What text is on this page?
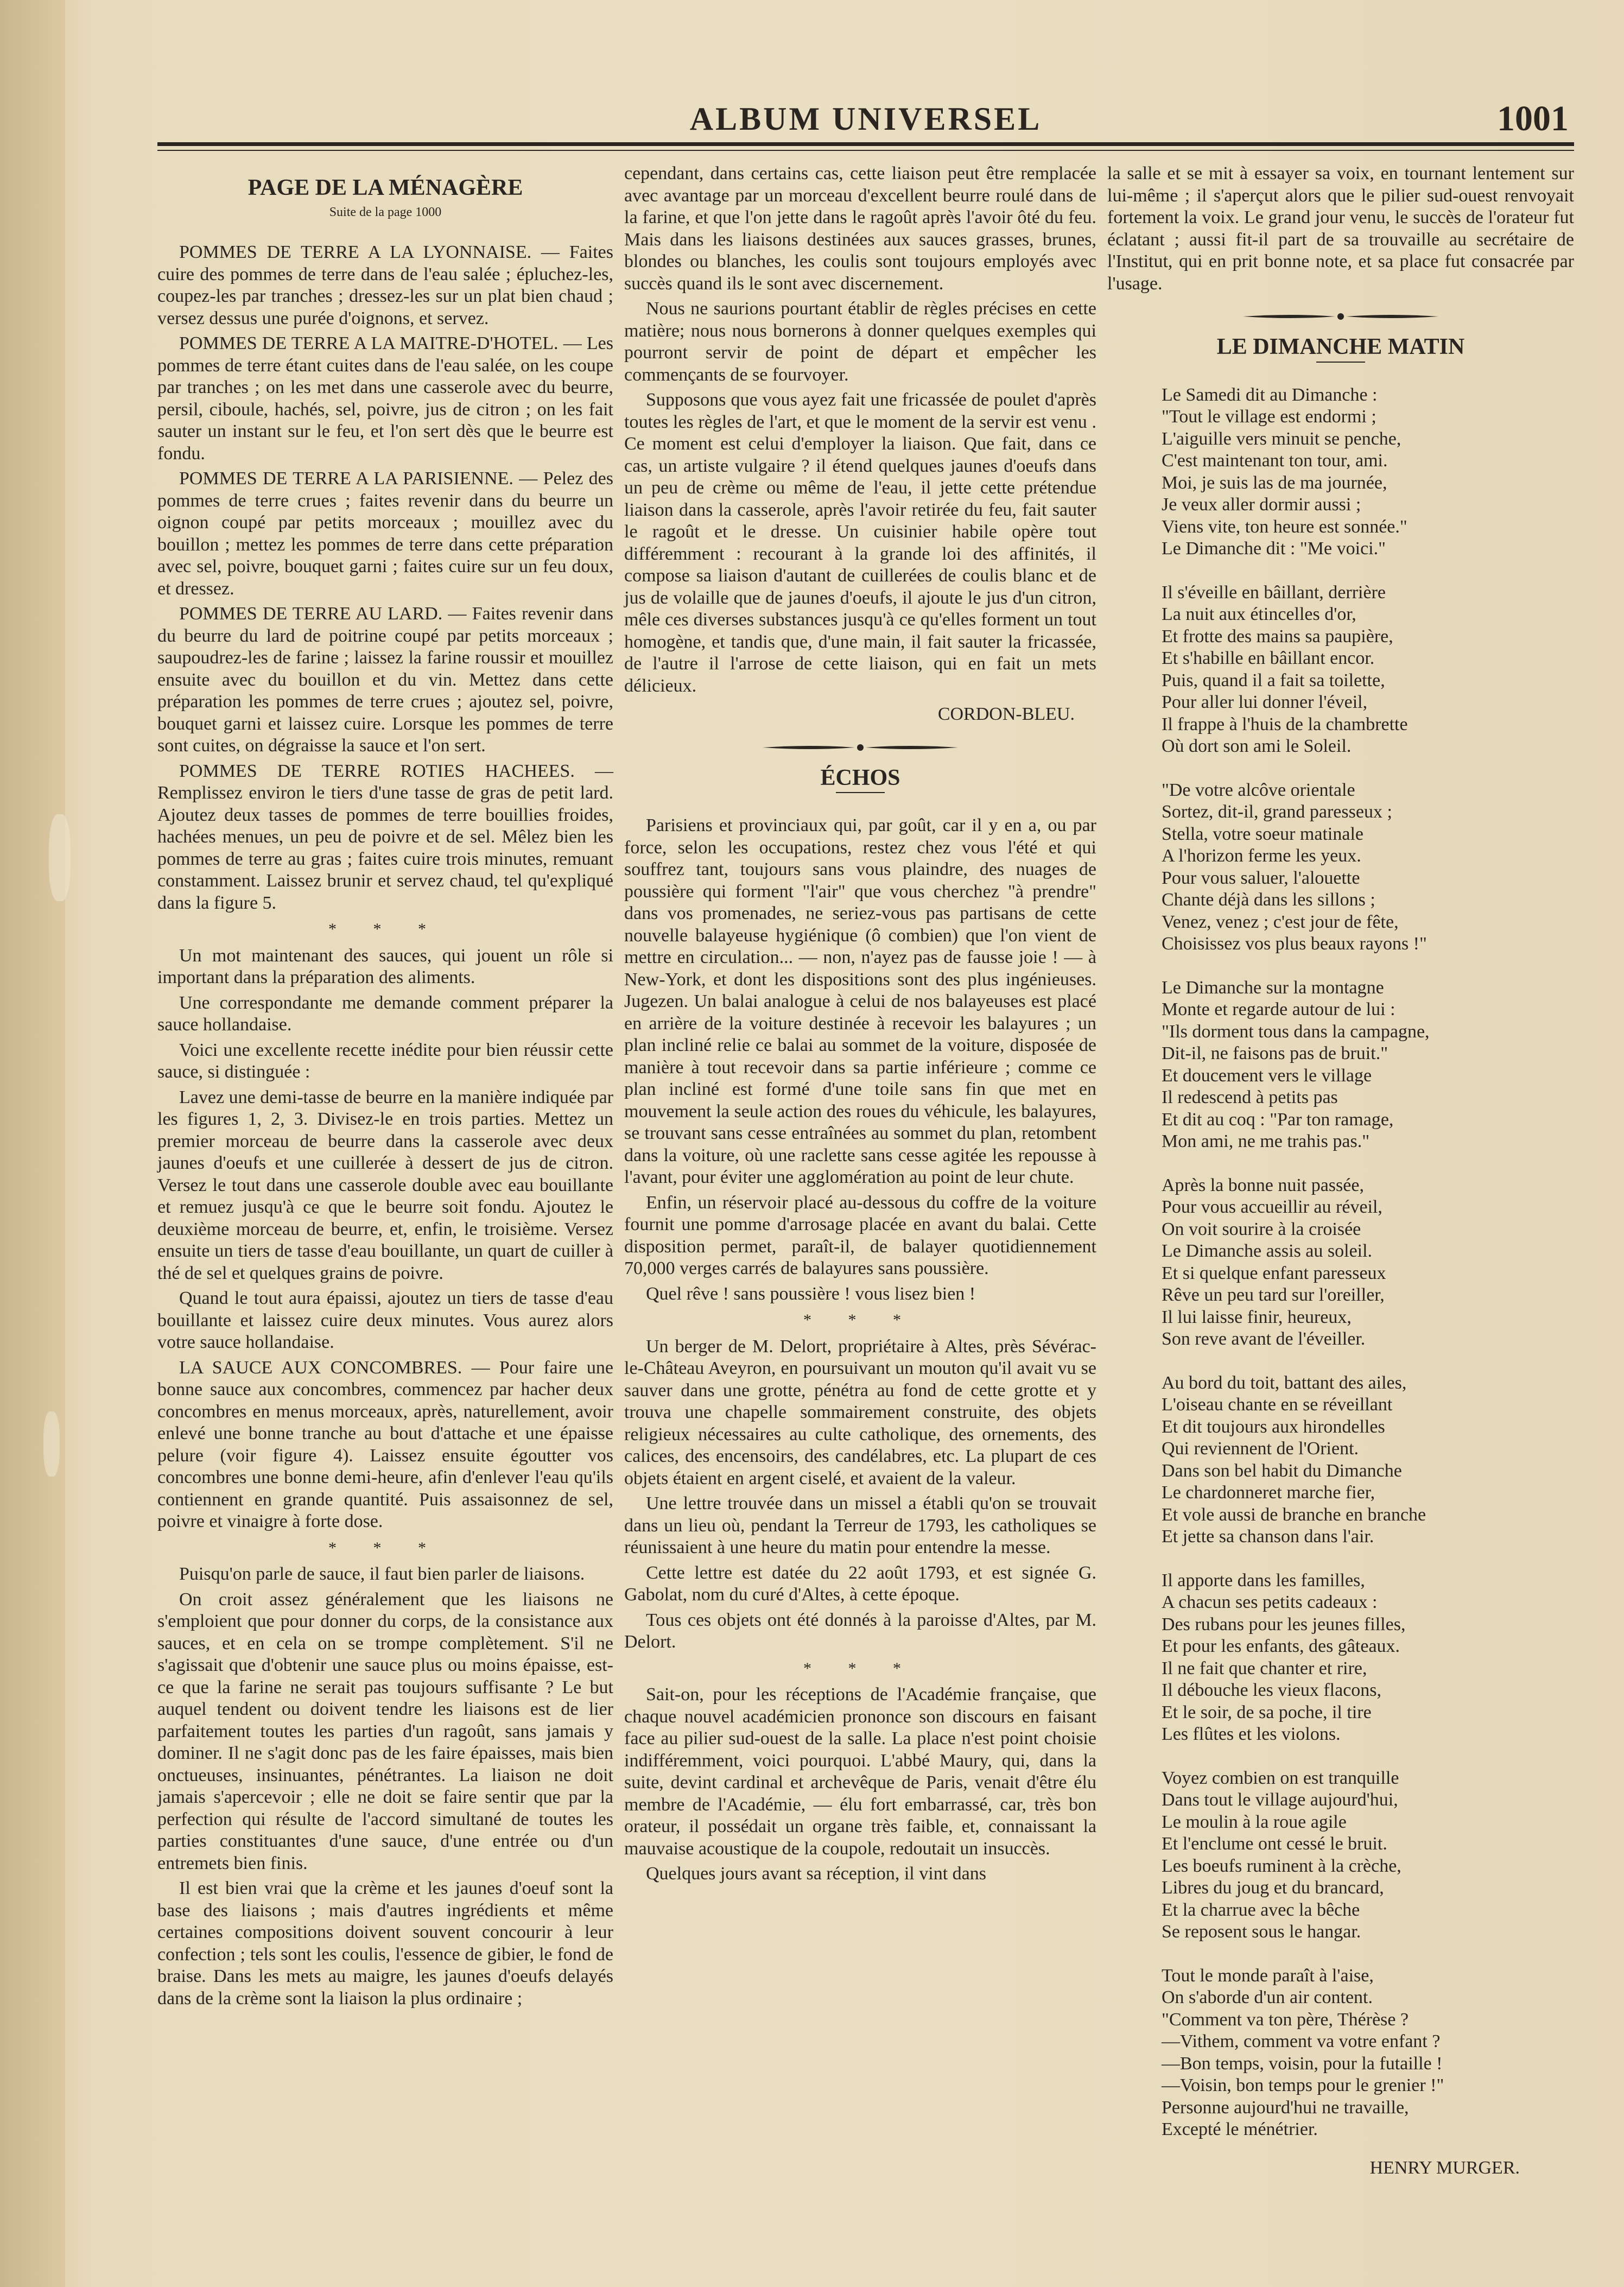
ALBUM UNIVERSEL	1001
PAGE DE LA MÉNAGÈRE
Suite de la page 1000

POMMES DE TERRE A LA LYONNAISE. — Faites cuire des pommes de terre dans de l'eau salée ; épluchez-les, coupez-les par tranches ; dressez-les sur un plat bien chaud ; versez dessus une purée d'oignons, et servez.

POMMES DE TERRE A LA MAITRE-D'HOTEL. — Les pommes de terre étant cuites dans de l'eau salée, on les coupe par tranches ; on les met dans une casserole avec du beurre, persil, ciboule, hachés, sel, poivre, jus de citron ; on les fait sauter un instant sur le feu, et l'on sert dès que le beurre est fondu.

POMMES DE TERRE A LA PARISIENNE. — Pelez des pommes de terre crues ; faites revenir dans du beurre un oignon coupé par petits morceaux ; mouillez avec du bouillon ; mettez les pommes de terre dans cette préparation avec sel, poivre, bouquet garni ; faites cuire sur un feu doux, et dressez.

POMMES DE TERRE AU LARD. — Faites revenir dans du beurre du lard de poitrine coupé par petits morceaux ; saupoudrez-les de farine ; laissez la farine roussir et mouillez ensuite avec du bouillon et du vin. Mettez dans cette préparation les pommes de terre crues ; ajoutez sel, poivre, bouquet garni et laissez cuire. Lorsque les pommes de terre sont cuites, on dégraisse la sauce et l'on sert.

POMMES DE TERRE ROTIES HACHEES. — Remplissez environ le tiers d'une tasse de gras de petit lard. Ajoutez deux tasses de pommes de terre bouillies froides, hachées menues, un peu de poivre et de sel. Mêlez bien les pommes de terre au gras ; faites cuire trois minutes, remuant constamment. Laissez brunir et servez chaud, tel qu'expliqué dans la figure 5.

* * *

Un mot maintenant des sauces, qui jouent un rôle si important dans la préparation des aliments.

Une correspondante me demande comment préparer la sauce hollandaise.

Voici une excellente recette inédite pour bien réussir cette sauce, si distinguée :

Lavez une demi-tasse de beurre en la manière indiquée par les figures 1, 2, 3. Divisez-le en trois parties. Mettez un premier morceau de beurre dans la casserole avec deux jaunes d'oeufs et une cuillerée à dessert de jus de citron. Versez le tout dans une casserole double avec eau bouillante et remuez jusqu'à ce que le beurre soit fondu. Ajoutez le deuxième morceau de beurre, et, enfin, le troisième. Versez ensuite un tiers de tasse d'eau bouillante, un quart de cuiller à thé de sel et quelques grains de poivre.

Quand le tout aura épaissi, ajoutez un tiers de tasse d'eau bouillante et laissez cuire deux minutes. Vous aurez alors votre sauce hollandaise.

LA SAUCE AUX CONCOMBRES. — Pour faire une bonne sauce aux concombres, commencez par hacher deux concombres en menus morceaux, après, naturellement, avoir enlevé une bonne tranche au bout d'attache et une épaisse pelure (voir figure 4). Laissez ensuite égoutter vos concombres une bonne demi-heure, afin d'enlever l'eau qu'ils contiennent en grande quantité. Puis assaisonnez de sel, poivre et vinaigre à forte dose.

* * *

Puisqu'on parle de sauce, il faut bien parler de liaisons.

On croit assez généralement que les liaisons ne s'emploient que pour donner du corps, de la consistance aux sauces, et en cela on se trompe complètement. S'il ne s'agissait que d'obtenir une sauce plus ou moins épaisse, est-ce que la farine ne serait pas toujours suffisante ? Le but auquel tendent ou doivent tendre les liaisons est de lier parfaitement toutes les parties d'un ragoût, sans jamais y dominer. Il ne s'agit donc pas de les faire épaisses, mais bien onctueuses, insinuantes, pénétrantes. La liaison ne doit jamais s'apercevoir ; elle ne doit se faire sentir que par la perfection qui résulte de l'accord simultané de toutes les parties constituantes d'une sauce, d'une entrée ou d'un entremets bien finis.

Il est bien vrai que la crème et les jaunes d'oeuf sont la base des liaisons ; mais d'autres ingrédients et même certaines compositions doivent souvent concourir à leur confection ; tels sont les coulis, l'essence de gibier, le fond de braise. Dans les mets au maigre, les jaunes d'oeufs delayés dans de la crème sont la liaison la plus ordinaire ;

cependant, dans certains cas, cette liaison peut être remplacée avec avantage par un morceau d'excellent beurre roulé dans de la farine, et que l'on jette dans le ragoût après l'avoir ôté du feu. Mais dans les liaisons destinées aux sauces grasses, brunes, blondes ou blanches, les coulis sont toujours employés avec succès quand ils le sont avec discernement.

Nous ne saurions pourtant établir de règles précises en cette matière; nous nous bornerons à donner quelques exemples qui pourront servir de point de départ et empêcher les commençants de se fourvoyer.

Supposons que vous ayez fait une fricassée de poulet d'après toutes les règles de l'art, et que le moment de la servir est venu . Ce moment est celui d'employer la liaison. Que fait, dans ce cas, un artiste vulgaire ? il étend quelques jaunes d'oeufs dans un peu de crème ou même de l'eau, il jette cette prétendue liaison dans la casserole, après l'avoir retirée du feu, fait sauter le ragoût et le dresse. Un cuisinier habile opère tout différemment : recourant à la grande loi des affinités, il compose sa liaison d'autant de cuillerées de coulis blanc et de jus de volaille que de jaunes d'oeufs, il ajoute le jus d'un citron, mêle ces diverses substances jusqu'à ce qu'elles forment un tout homogène, et tandis que, d'une main, il fait sauter la fricassée, de l'autre il l'arrose de cette liaison, qui en fait un mets délicieux.

CORDON-BLEU.
ÉCHOS

Parisiens et provinciaux qui, par goût, car il y en a, ou par force, selon les occupations, restez chez vous l'été et qui souffrez tant, toujours sans vous plaindre, des nuages de poussière qui forment "l'air" que vous cherchez "à prendre" dans vos promenades, ne seriez-vous pas partisans de cette nouvelle balayeuse hygiénique (ô combien) que l'on vient de mettre en circulation... — non, n'ayez pas de fausse joie ! — à New-York, et dont les dispositions sont des plus ingénieuses. Jugezen. Un balai analogue à celui de nos balayeuses est placé en arrière de la voiture destinée à recevoir les balayures ; un plan incliné relie ce balai au sommet de la voiture, disposée de manière à tout recevoir dans sa partie inférieure ; comme ce plan incliné est formé d'une toile sans fin que met en mouvement la seule action des roues du véhicule, les balayures, se trouvant sans cesse entraînées au sommet du plan, retombent dans la voiture, où une raclette sans cesse agitée les repousse à l'avant, pour éviter une agglomération au point de leur chute.

Enfin, un réservoir placé au-dessous du coffre de la voiture fournit une pomme d'arrosage placée en avant du balai. Cette disposition permet, paraît-il, de balayer quotidiennement 70,000 verges carrés de balayures sans poussière.

Quel rêve ! sans poussière ! vous lisez bien !

* * *

Un berger de M. Delort, propriétaire à Altes, près Sévérac-le-Château Aveyron, en poursuivant un mouton qu'il avait vu se sauver dans une grotte, pénétra au fond de cette grotte et y trouva une chapelle sommairement construite, des objets religieux nécessaires au culte catholique, des ornements, des calices, des encensoirs, des candélabres, etc. La plupart de ces objets étaient en argent ciselé, et avaient de la valeur.

Une lettre trouvée dans un missel a établi qu'on se trouvait dans un lieu où, pendant la Terreur de 1793, les catholiques se réunissaient à une heure du matin pour entendre la messe.

Cette lettre est datée du 22 août 1793, et est signée G. Gabolat, nom du curé d'Altes, à cette époque.

Tous ces objets ont été donnés à la paroisse d'Altes, par M. Delort.

* * *

Sait-on, pour les réceptions de l'Académie française, que chaque nouvel académicien prononce son discours en faisant face au pilier sud-ouest de la salle. La place n'est point choisie indifféremment, voici pourquoi. L'abbé Maury, qui, dans la suite, devint cardinal et archevêque de Paris, venait d'être élu membre de l'Académie, — élu fort embarrassé, car, très bon orateur, il possédait un organe très faible, et, connaissant la mauvaise acoustique de la coupole, redoutait un insuccès.

Quelques jours avant sa réception, il vint dans

la salle et se mit à essayer sa voix, en tournant lentement sur lui-même ; il s'aperçut alors que le pilier sud-ouest renvoyait fortement la voix. Le grand jour venu, le succès de l'orateur fut éclatant ; aussi fit-il part de sa trouvaille au secrétaire de l'Institut, qui en prit bonne note, et sa place fut consacrée par l'usage.

LE DIMANCHE MATIN
Le Samedi dit au Dimanche :
"Tout le village est endormi ;
L'aiguille vers minuit se penche,
C'est maintenant ton tour, ami.
Moi, je suis las de ma journée,
Je veux aller dormir aussi ;
Viens vite, ton heure est sonnée."
Le Dimanche dit : "Me voici."
Il s'éveille en bâillant, derrière
La nuit aux étincelles d'or,
Et frotte des mains sa paupière,
Et s'habille en bâillant encor.
Puis, quand il a fait sa toilette,
Pour aller lui donner l'éveil,
Il frappe à l'huis de la chambrette
Où dort son ami le Soleil.
"De votre alcôve orientale
Sortez, dit-il, grand paresseux ;
Stella, votre soeur matinale
A l'horizon ferme les yeux.
Pour vous saluer, l'alouette
Chante déjà dans les sillons ;
Venez, venez ; c'est jour de fête,
Choisissez vos plus beaux rayons !"
Le Dimanche sur la montagne
Monte et regarde autour de lui :
"Ils dorment tous dans la campagne,
Dit-il, ne faisons pas de bruit."
Et doucement vers le village
Il redescend à petits pas
Et dit au coq : "Par ton ramage,
Mon ami, ne me trahis pas."
Après la bonne nuit passée,
Pour vous accueillir au réveil,
On voit sourire à la croisée
Le Dimanche assis au soleil.
Et si quelque enfant paresseux
Rêve un peu tard sur l'oreiller,
Il lui laisse finir, heureux,
Son reve avant de l'éveiller.
Au bord du toit, battant des ailes,
L'oiseau chante en se réveillant
Et dit toujours aux hirondelles
Qui reviennent de l'Orient.
Dans son bel habit du Dimanche
Le chardonneret marche fier,
Et vole aussi de branche en branche
Et jette sa chanson dans l'air.
Il apporte dans les familles,
A chacun ses petits cadeaux :
Des rubans pour les jeunes filles,
Et pour les enfants, des gâteaux.
Il ne fait que chanter et rire,
Il débouche les vieux flacons,
Et le soir, de sa poche, il tire
Les flûtes et les violons.
Voyez combien on est tranquille
Dans tout le village aujourd'hui,
Le moulin à la roue agile
Et l'enclume ont cessé le bruit.
Les boeufs ruminent à la crèche,
Libres du joug et du brancard,
Et la charrue avec la bêche
Se reposent sous le hangar.
Tout le monde paraît à l'aise,
On s'aborde d'un air content.
"Comment va ton père, Thérèse ?
—Vithem, comment va votre enfant ?
—Bon temps, voisin, pour la futaille !
—Voisin, bon temps pour le grenier !"
Personne aujourd'hui ne travaille,
Excepté le ménétrier.
HENRY MURGER.
